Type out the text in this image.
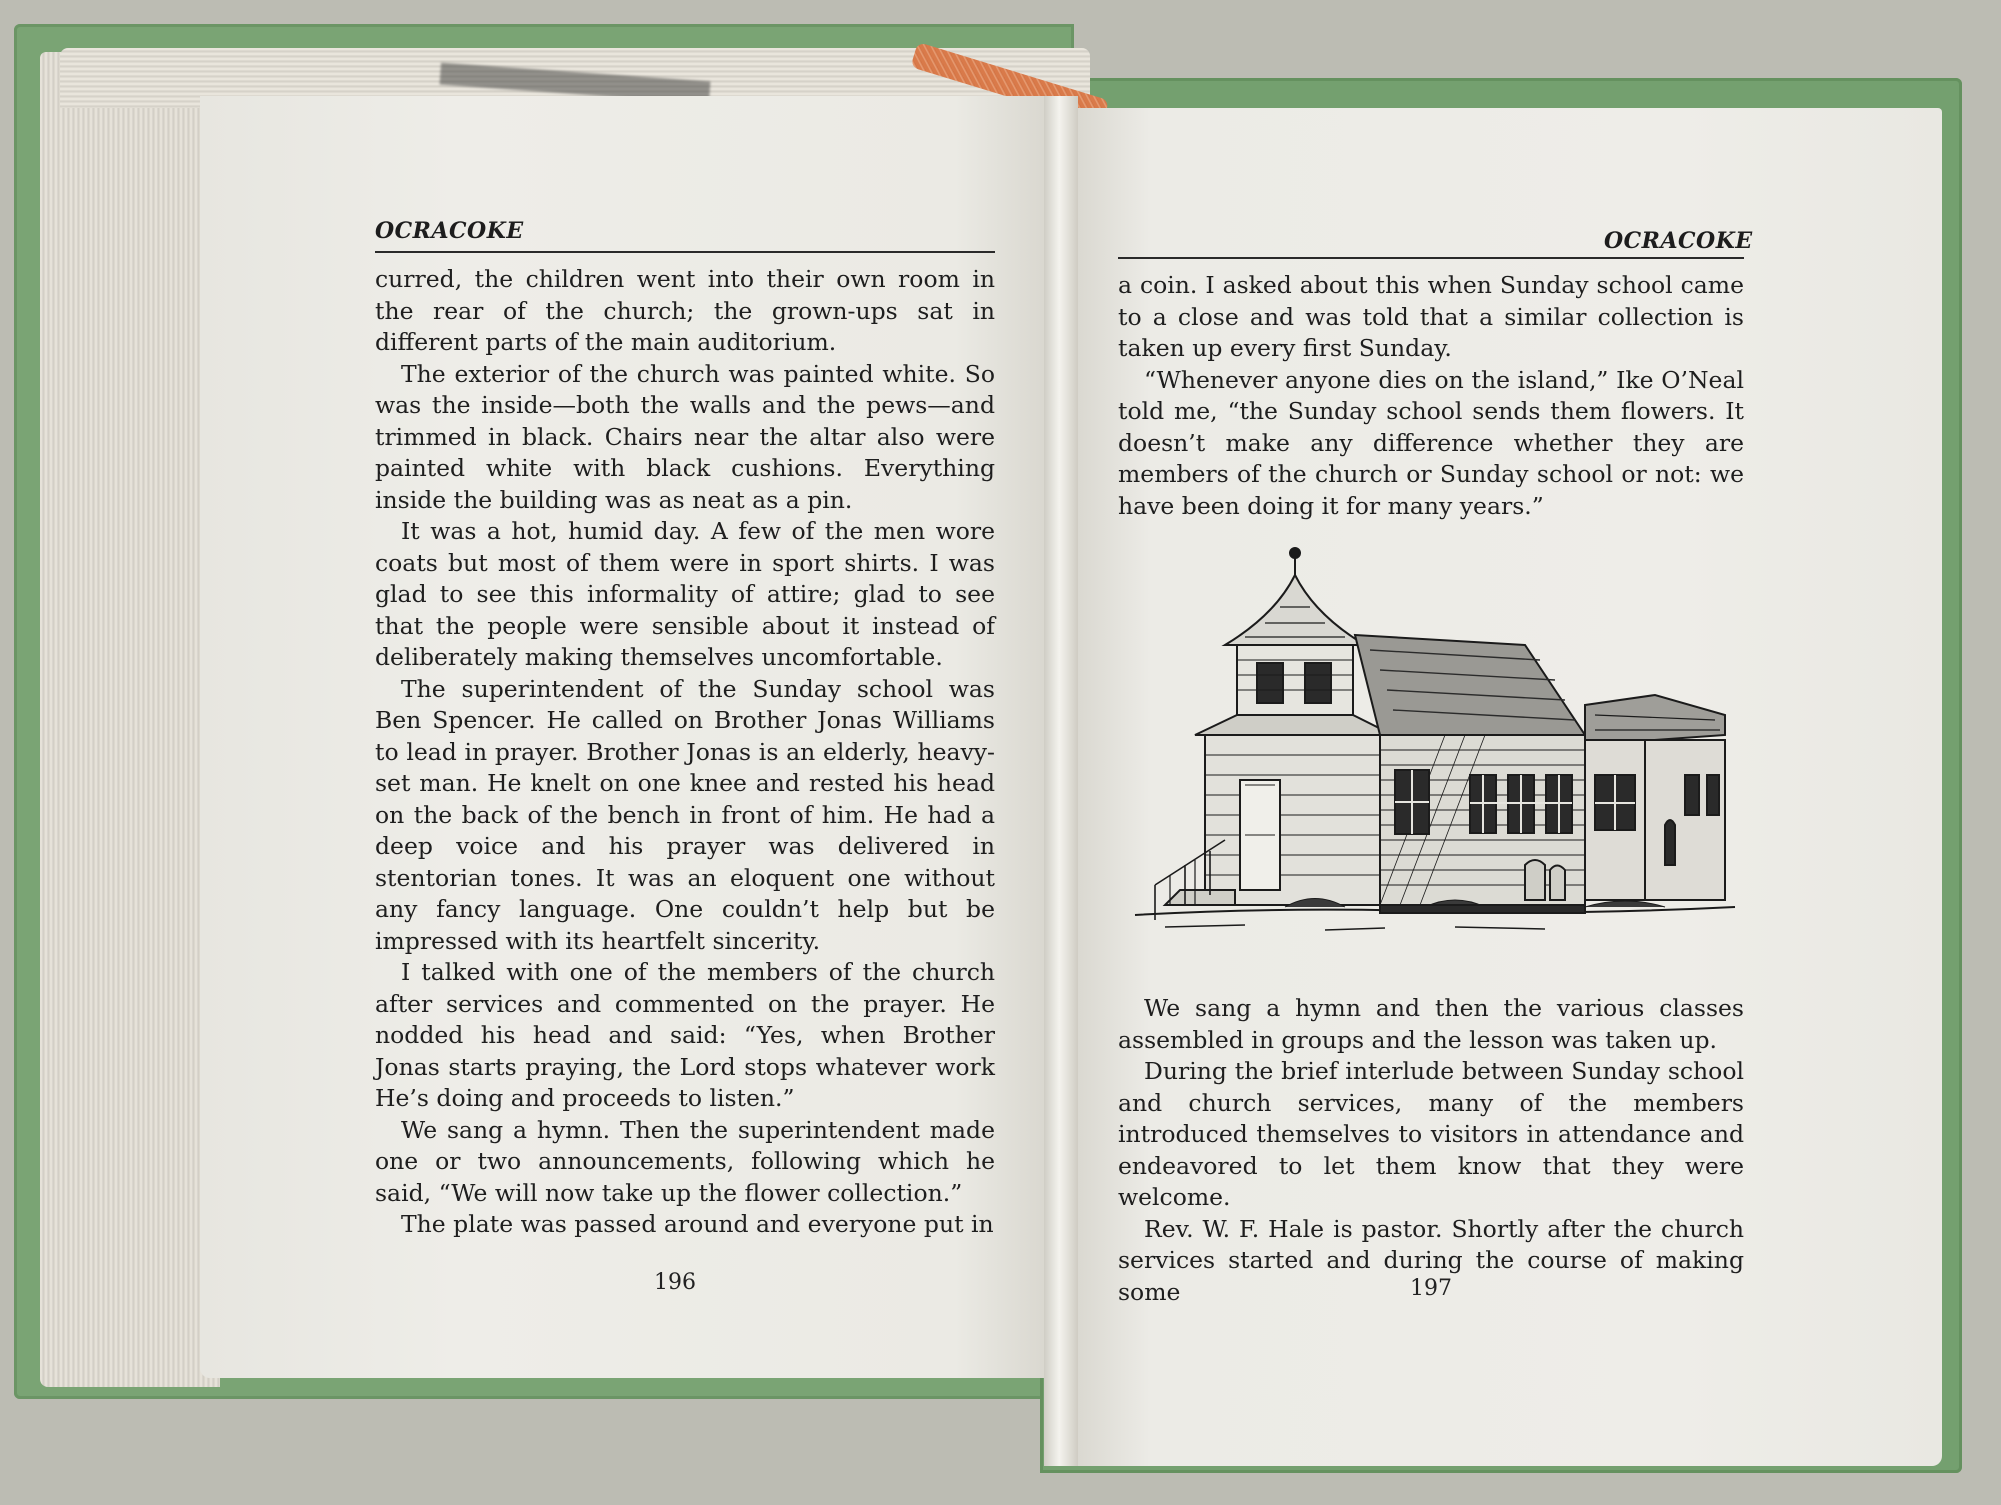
OCRACOKE

curred, the children went into their own room in the rear of the church; the grown-ups sat in different parts of the main auditorium.

The exterior of the church was painted white. So was the inside—both the walls and the pews—and trimmed in black. Chairs near the altar also were painted white with black cushions. Everything inside the building was as neat as a pin.

It was a hot, humid day. A few of the men wore coats but most of them were in sport shirts. I was glad to see this informality of attire; glad to see that the people were sensible about it instead of deliberately making themselves uncomfortable.

The superintendent of the Sunday school was Ben Spencer. He called on Brother Jonas Williams to lead in prayer. Brother Jonas is an elderly, heavy-set man. He knelt on one knee and rested his head on the back of the bench in front of him. He had a deep voice and his prayer was delivered in stentorian tones. It was an eloquent one without any fancy language. One couldn’t help but be impressed with its heartfelt sincerity.

I talked with one of the members of the church after services and commented on the prayer. He nodded his head and said: “Yes, when Brother Jonas starts praying, the Lord stops whatever work He’s doing and proceeds to listen.”

We sang a hymn. Then the superintendent made one or two announcements, following which he said, “We will now take up the flower collection.”

The plate was passed around and everyone put in

196
OCRACOKE

a coin. I asked about this when Sunday school came to a close and was told that a similar collection is taken up every first Sunday.

“Whenever anyone dies on the island,” Ike O’Neal told me, “the Sunday school sends them flowers. It doesn’t make any difference whether they are members of the church or Sunday school or not: we have been doing it for many years.”

We sang a hymn and then the various classes assembled in groups and the lesson was taken up.

During the brief interlude between Sunday school and church services, many of the members introduced themselves to visitors in attendance and endeavored to let them know that they were welcome.

Rev. W. F. Hale is pastor. Shortly after the church services started and during the course of making some	197
